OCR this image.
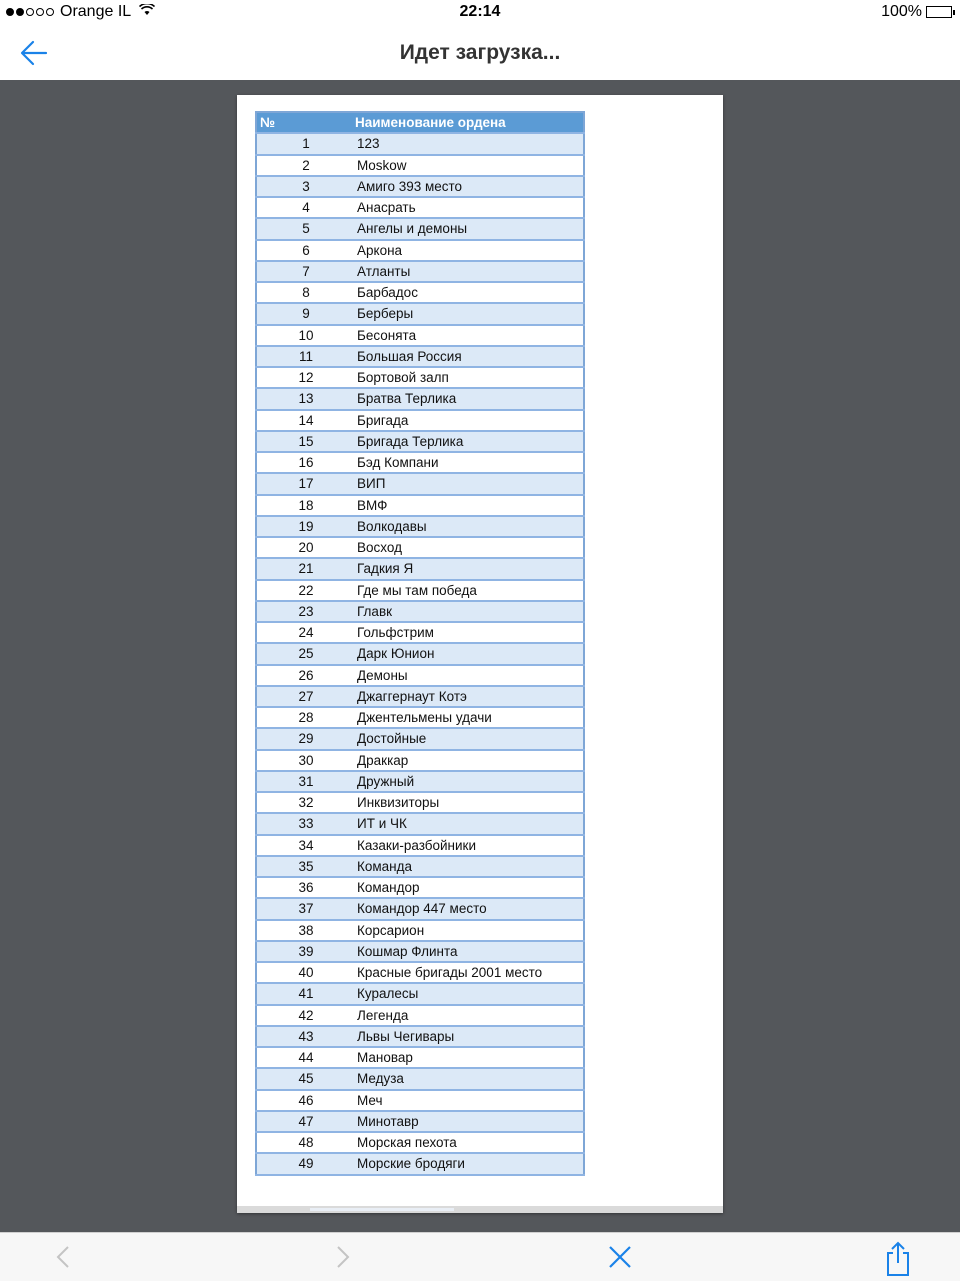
Orange IL	22:14	100%
Идет загрузка...
№	Наименование ордена
1	123
2	Moskow
3	Амиго 393 место
4	Анасрать
5	Ангелы и демоны
6	Аркона
7	Атланты
8	Барбадос
9	Берберы
10	Бесонята
11	Большая Россия
12	Бортовой залп
13	Братва Терлика
14	Бригада
15	Бригада Терлика
16	Бэд Компани
17	ВИП
18	ВМФ
19	Волкодавы
20	Восход
21	Гадкия Я
22	Где мы там победа
23	Главк
24	Гольфстрим
25	Дарк Юнион
26	Демоны
27	Джаггернаут Котэ
28	Джентельмены удачи
29	Достойные
30	Драккар
31	Дружный
32	Инквизиторы
33	ИТ и ЧК
34	Казаки-разбойники
35	Команда
36	Командор
37	Командор 447 место
38	Корсарион
39	Кошмар Флинта
40	Красные бригады 2001 место
41	Куралесы
42	Легенда
43	Львы Чегивары
44	Мановар
45	Медуза
46	Меч
47	Минотавр
48	Морская пехота
49	Морские бродяги
